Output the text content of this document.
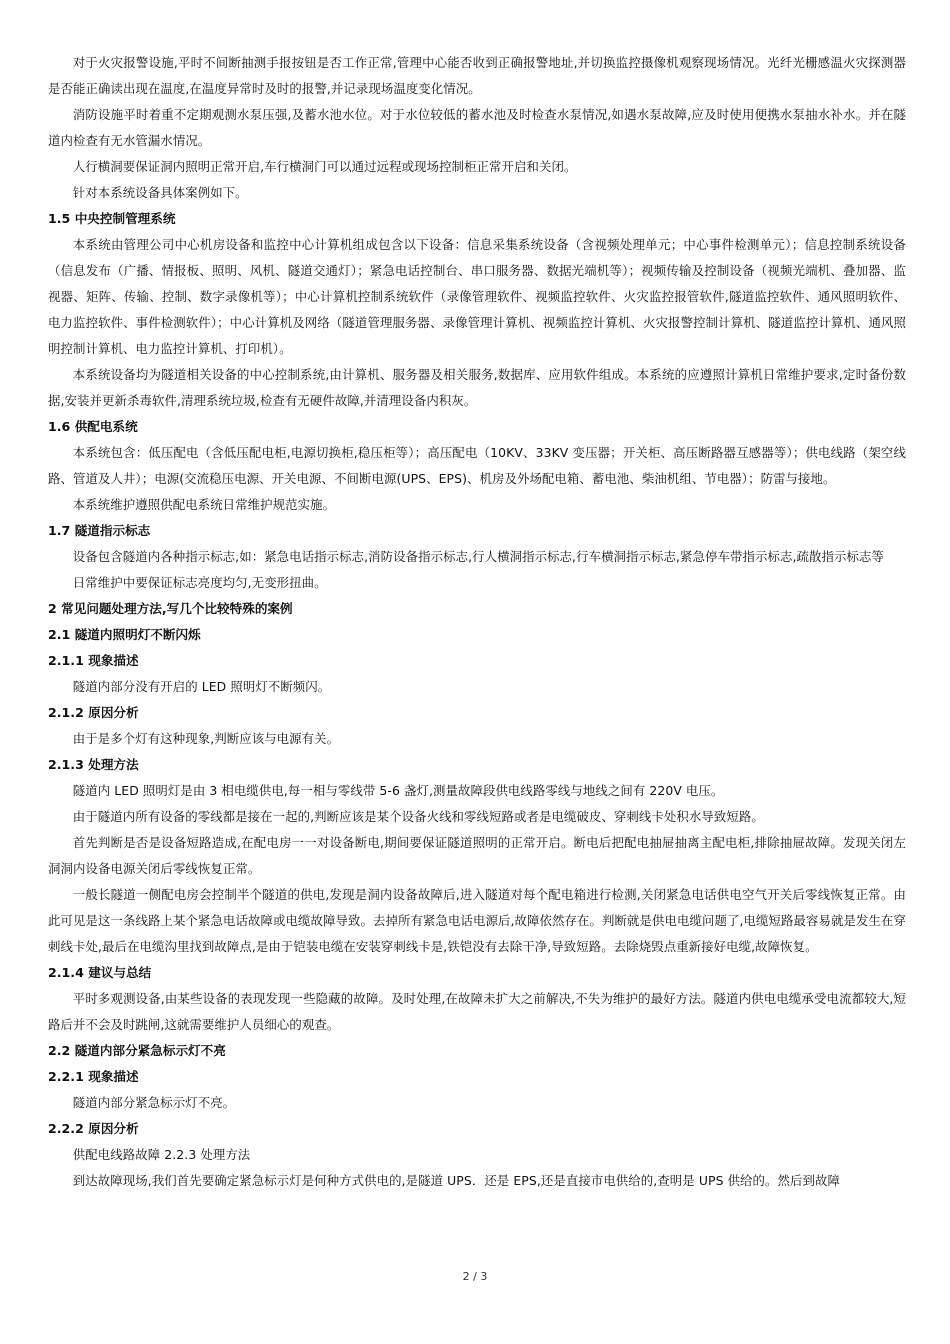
对于火灾报警设施,平时不间断抽测手报按钮是否工作正常,管理中心能否收到正确报警地址,并切换监控摄像机观察现场情况。光纤光栅感温火灾探测器是否能正确读出现在温度,在温度异常时及时的报警,并记录现场温度变化情况。

消防设施平时着重不定期观测水泵压强,及蓄水池水位。对于水位较低的蓄水池及时检查水泵情况,如遇水泵故障,应及时使用便携水泵抽水补水。并在隧道内检查有无水管漏水情况。

人行横洞要保证洞内照明正常开启,车行横洞门可以通过远程或现场控制柜正常开启和关闭。

针对本系统设备具体案例如下。

1.5 中央控制管理系统

本系统由管理公司中心机房设备和监控中心计算机组成包含以下设备：信息采集系统设备（含视频处理单元；中心事件检测单元）；信息控制系统设备（信息发布（广播、情报板、照明、风机、隧道交通灯）；紧急电话控制台、串口服务器、数据光端机等）；视频传输及控制设备（视频光端机、叠加器、监视器、矩阵、传输、控制、数字录像机等）；中心计算机控制系统软件（录像管理软件、视频监控软件、火灾监控报管软件,隧道监控软件、通风照明软件、电力监控软件、事件检测软件）；中心计算机及网络（隧道管理服务器、录像管理计算机、视频监控计算机、火灾报警控制计算机、隧道监控计算机、通风照明控制计算机、电力监控计算机、打印机）。

本系统设备均为隧道相关设备的中心控制系统,由计算机、服务器及相关服务,数据库、应用软件组成。本系统的应遵照计算机日常维护要求,定时备份数据,安装并更新杀毒软件,清理系统垃圾,检查有无硬件故障,并清理设备内积灰。

1.6 供配电系统

本系统包含：低压配电（含低压配电柜,电源切换柜,稳压柜等）；高压配电（10KV、33KV 变压器；开关柜、高压断路器互感器等）；供电线路（架空线路、管道及人井）；电源(交流稳压电源、开关电源、不间断电源(UPS、EPS)、机房及外场配电箱、蓄电池、柴油机组、节电器）；防雷与接地。

本系统维护遵照供配电系统日常维护规范实施。

1.7 隧道指示标志

设备包含隧道内各种指示标志,如：紧急电话指示标志,消防设备指示标志,行人横洞指示标志,行车横洞指示标志,紧急停车带指示标志,疏散指示标志等

日常维护中要保证标志亮度均匀,无变形扭曲。

2 常见问题处理方法,写几个比较特殊的案例

2.1 隧道内照明灯不断闪烁

2.1.1 现象描述

隧道内部分没有开启的 LED 照明灯不断频闪。

2.1.2 原因分析

由于是多个灯有这种现象,判断应该与电源有关。

2.1.3 处理方法

隧道内 LED 照明灯是由 3 相电缆供电,每一相与零线带 5-6 盏灯,测量故障段供电线路零线与地线之间有 220V 电压。

由于隧道内所有设备的零线都是接在一起的,判断应该是某个设备火线和零线短路或者是电缆破皮、穿刺线卡处积水导致短路。

首先判断是否是设备短路造成,在配电房一一对设备断电,期间要保证隧道照明的正常开启。断电后把配电抽屉抽离主配电柜,排除抽屉故障。发现关闭左洞洞内设备电源关闭后零线恢复正常。

一般长隧道一侧配电房会控制半个隧道的供电,发现是洞内设备故障后,进入隧道对每个配电箱进行检测,关闭紧急电话供电空气开关后零线恢复正常。由此可见是这一条线路上某个紧急电话故障或电缆故障导致。去掉所有紧急电话电源后,故障依然存在。判断就是供电电缆问题了,电缆短路最容易就是发生在穿刺线卡处,最后在电缆沟里找到故障点,是由于铠装电缆在安装穿刺线卡是,铁铠没有去除干净,导致短路。去除烧毁点重新接好电缆,故障恢复。

2.1.4 建议与总结

平时多观测设备,由某些设备的表现发现一些隐藏的故障。及时处理,在故障未扩大之前解决,不失为维护的最好方法。隧道内供电电缆承受电流都较大,短路后并不会及时跳闸,这就需要维护人员细心的观查。

2.2 隧道内部分紧急标示灯不亮

2.2.1 现象描述

隧道内部分紧急标示灯不亮。

2.2.2 原因分析

供配电线路故障 2.2.3 处理方法

到达故障现场,我们首先要确定紧急标示灯是何种方式供电的,是隧道 UPS．还是 EPS,还是直接市电供给的,查明是 UPS 供给的。然后到故障

2 / 3
